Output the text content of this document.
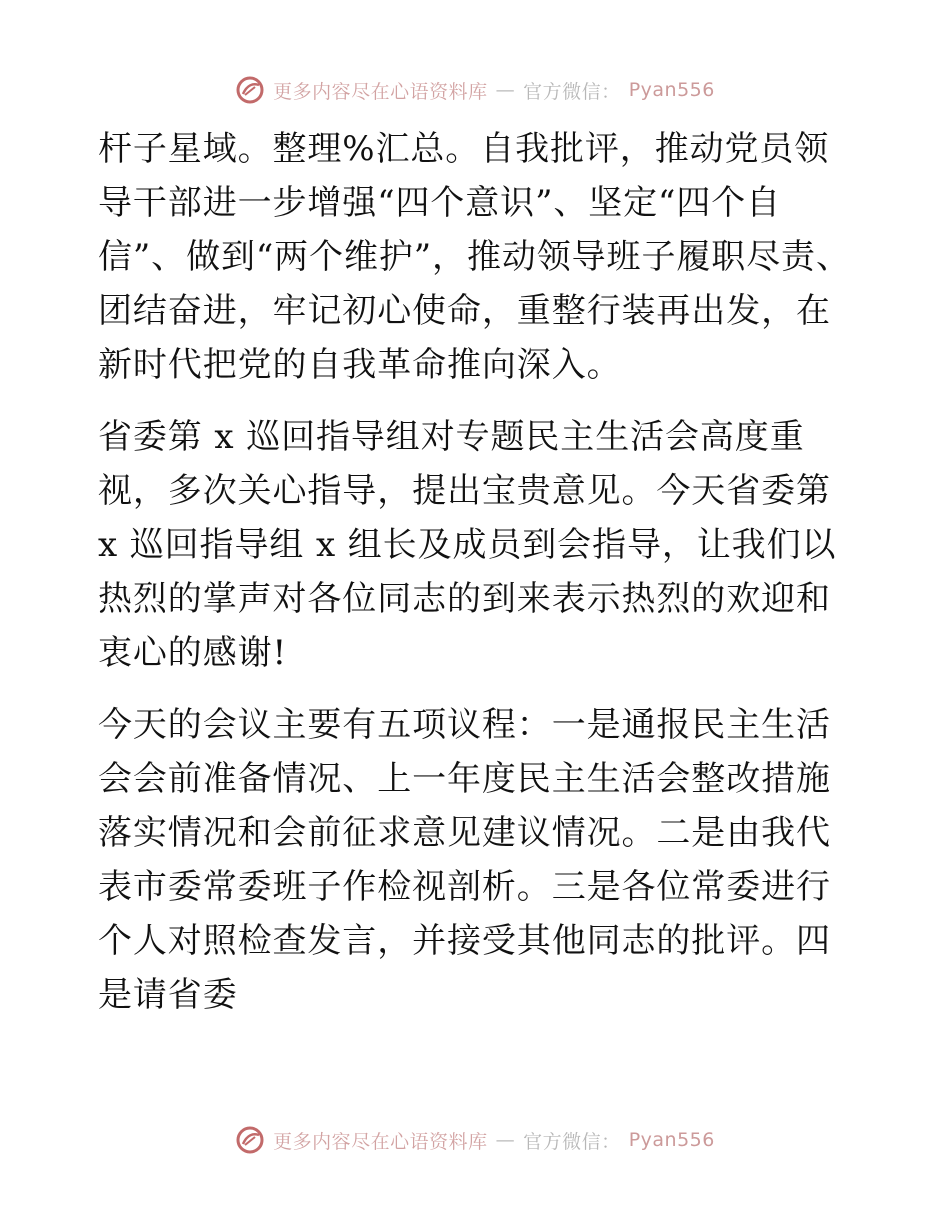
更多内容尽在心语资料库 — 官方微信： Pyan556

杆子星域。整理%汇总。自我批评，推动党员领导干部进一步增强“四个意识”、坚定“四个自信”、做到“两个维护”，推动领导班子履职尽责、团结奋进，牢记初心使命，重整行装再出发，在新时代把党的自我革命推向深入。

省委第 x 巡回指导组对专题民主生活会高度重视，多次关心指导，提出宝贵意见。今天省委第 x 巡回指导组 x 组长及成员到会指导，让我们以热烈的掌声对各位同志的到来表示热烈的欢迎和衷心的感谢!

今天的会议主要有五项议程：一是通报民主生活会会前准备情况、上一年度民主生活会整改措施落实情况和会前征求意见建议情况。二是由我代表市委常委班子作检视剖析。三是各位常委进行个人对照检查发言，并接受其他同志的批评。四是请省委

更多内容尽在心语资料库 — 官方微信： Pyan556
